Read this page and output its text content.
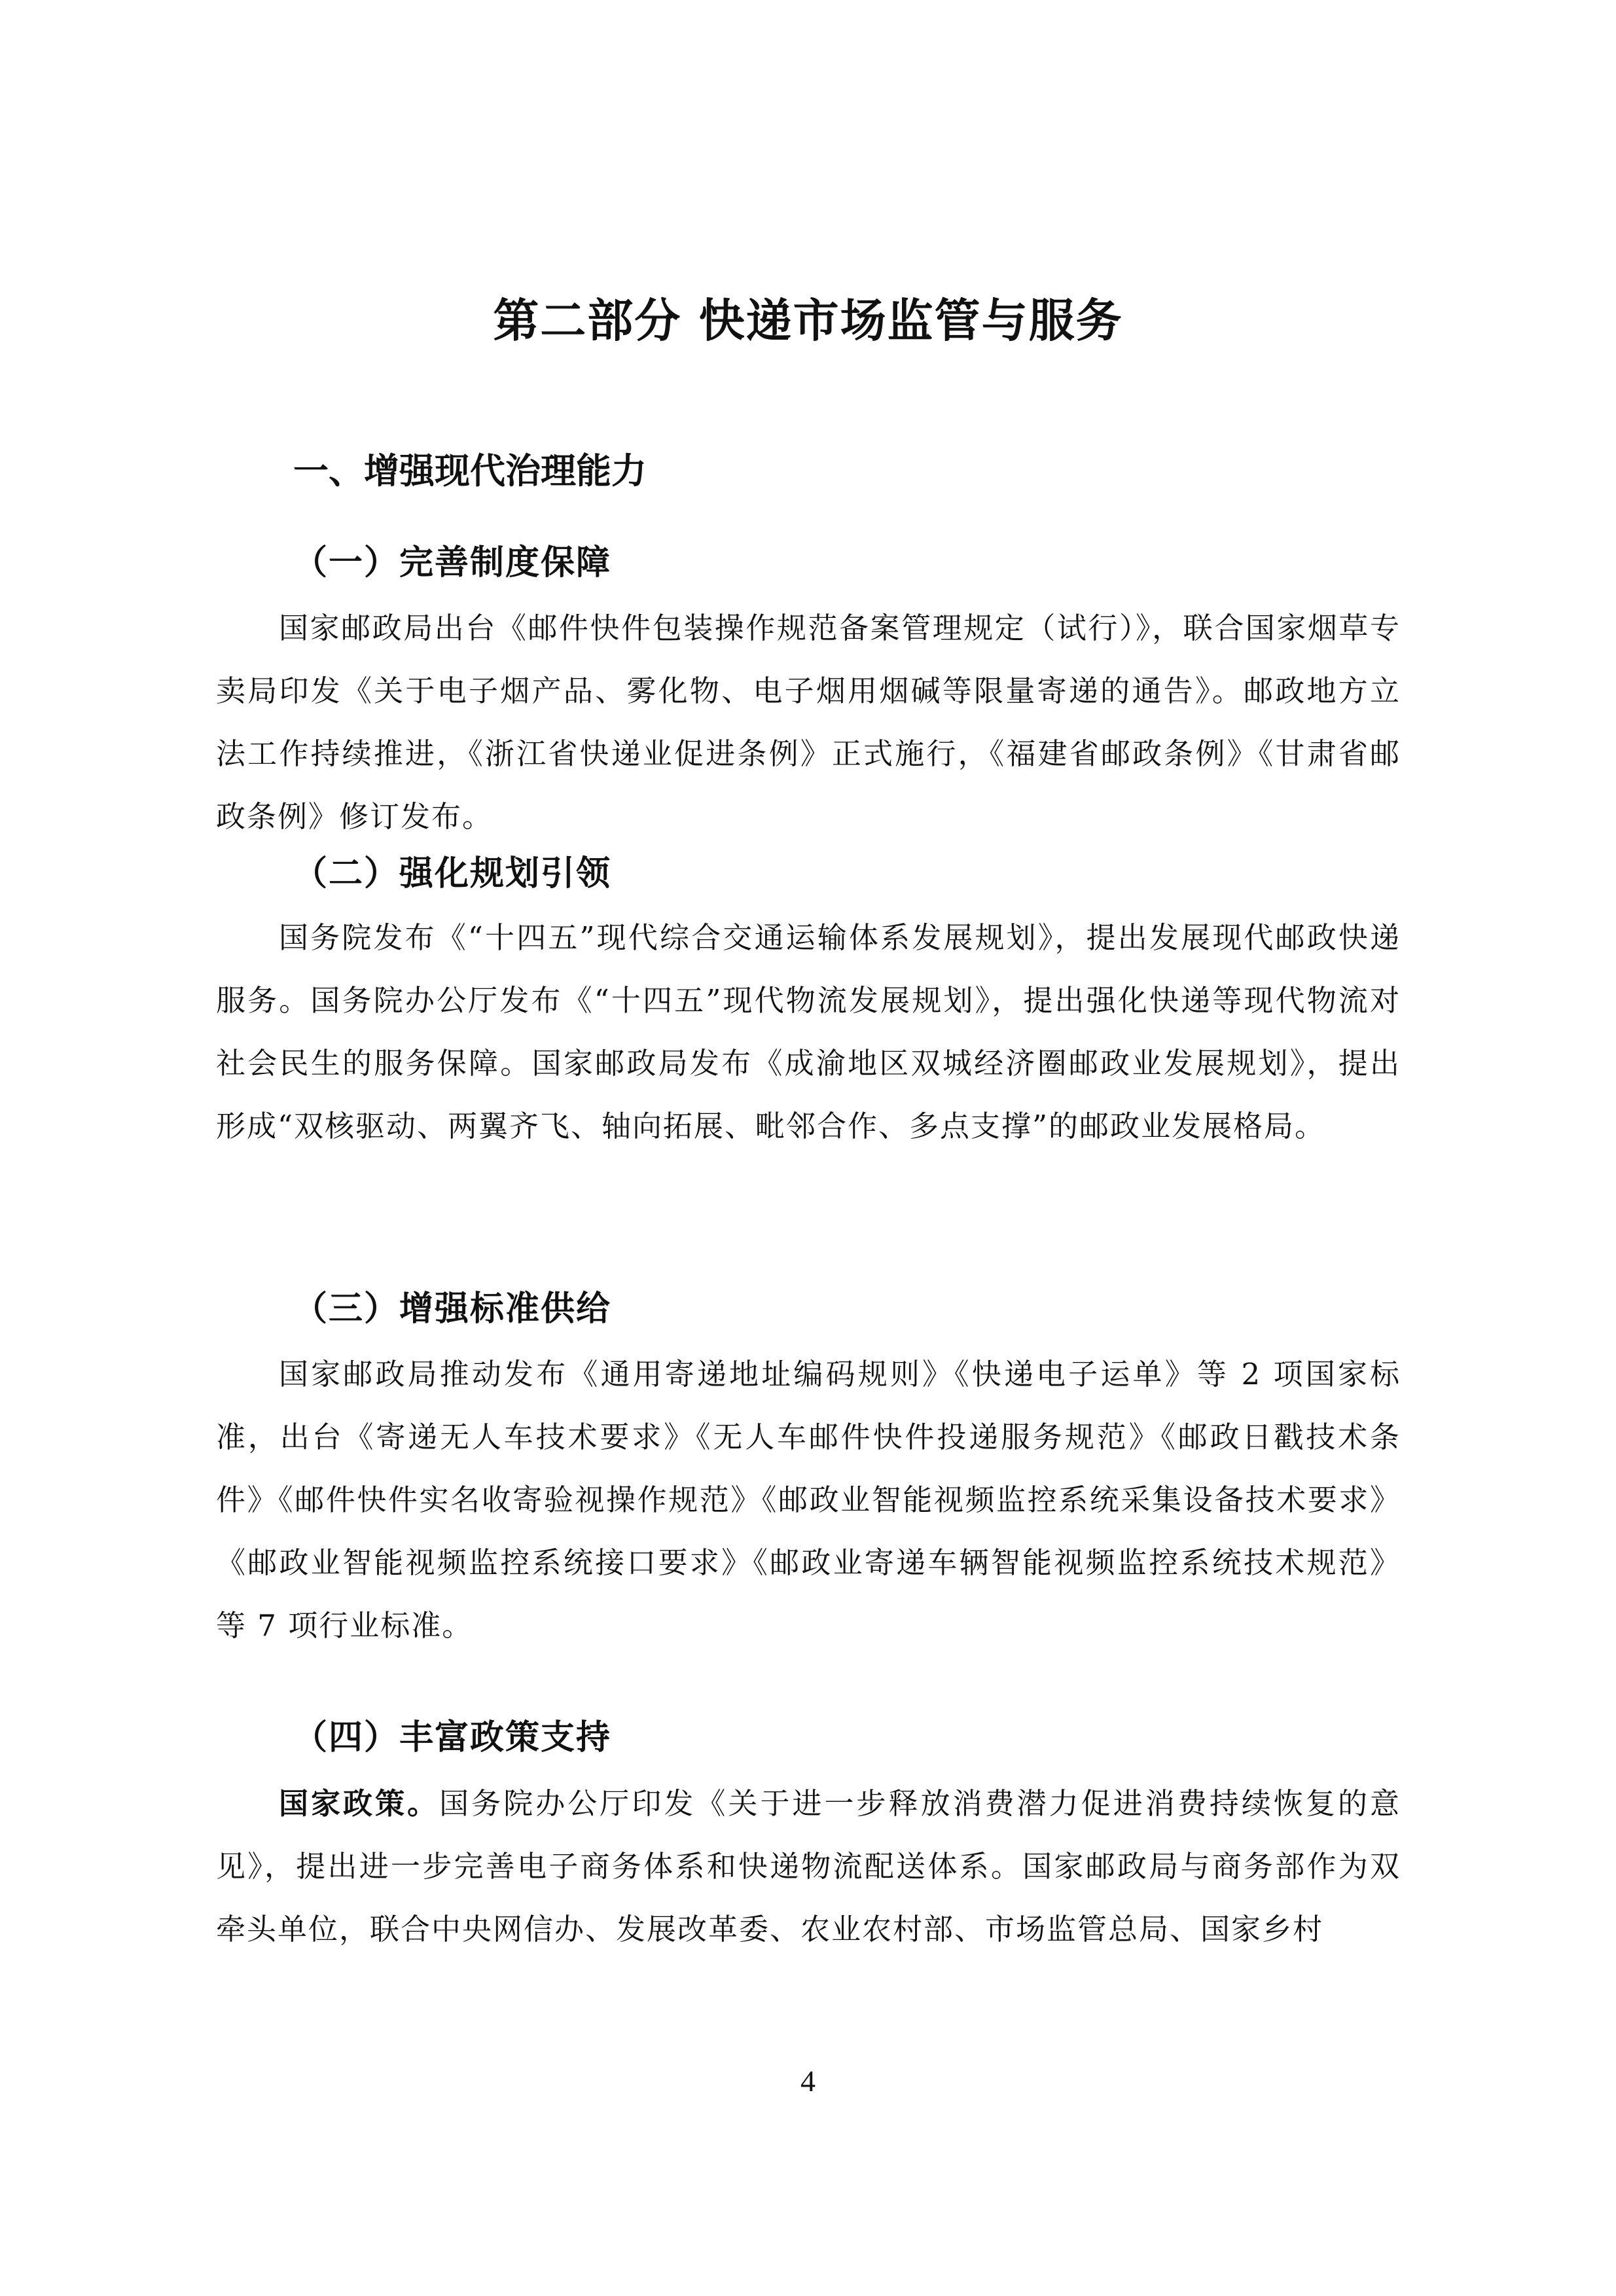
第二部分 快递市场监管与服务
一、增强现代治理能力
（一）完善制度保障

国家邮政局出台《邮件快件包装操作规范备案管理规定（试行）》，联合国家烟草专卖局印发《关于电子烟产品、雾化物、电子烟用烟碱等限量寄递的通告》。邮政地方立法工作持续推进，《浙江省快递业促进条例》正式施行，《福建省邮政条例》《甘肃省邮政条例》修订发布。

（二）强化规划引领

国务院发布《“十四五”现代综合交通运输体系发展规划》，提出发展现代邮政快递服务。国务院办公厅发布《“十四五”现代物流发展规划》，提出强化快递等现代物流对社会民生的服务保障。国家邮政局发布《成渝地区双城经济圈邮政业发展规划》，提出形成“双核驱动、两翼齐飞、轴向拓展、毗邻合作、多点支撑”的邮政业发展格局。

（三）增强标准供给

国家邮政局推动发布《通用寄递地址编码规则》《快递电子运单》等 2 项国家标准，出台《寄递无人车技术要求》《无人车邮件快件投递服务规范》《邮政日戳技术条件》《邮件快件实名收寄验视操作规范》《邮政业智能视频监控系统采集设备技术要求》《邮政业智能视频监控系统接口要求》《邮政业寄递车辆智能视频监控系统技术规范》等 7 项行业标准。

（四）丰富政策支持

国家政策。国务院办公厅印发《关于进一步释放消费潜力促进消费持续恢复的意见》，提出进一步完善电子商务体系和快递物流配送体系。国家邮政局与商务部作为双牵头单位，联合中央网信办、发展改革委、农业农村部、市场监管总局、国家乡村

4
